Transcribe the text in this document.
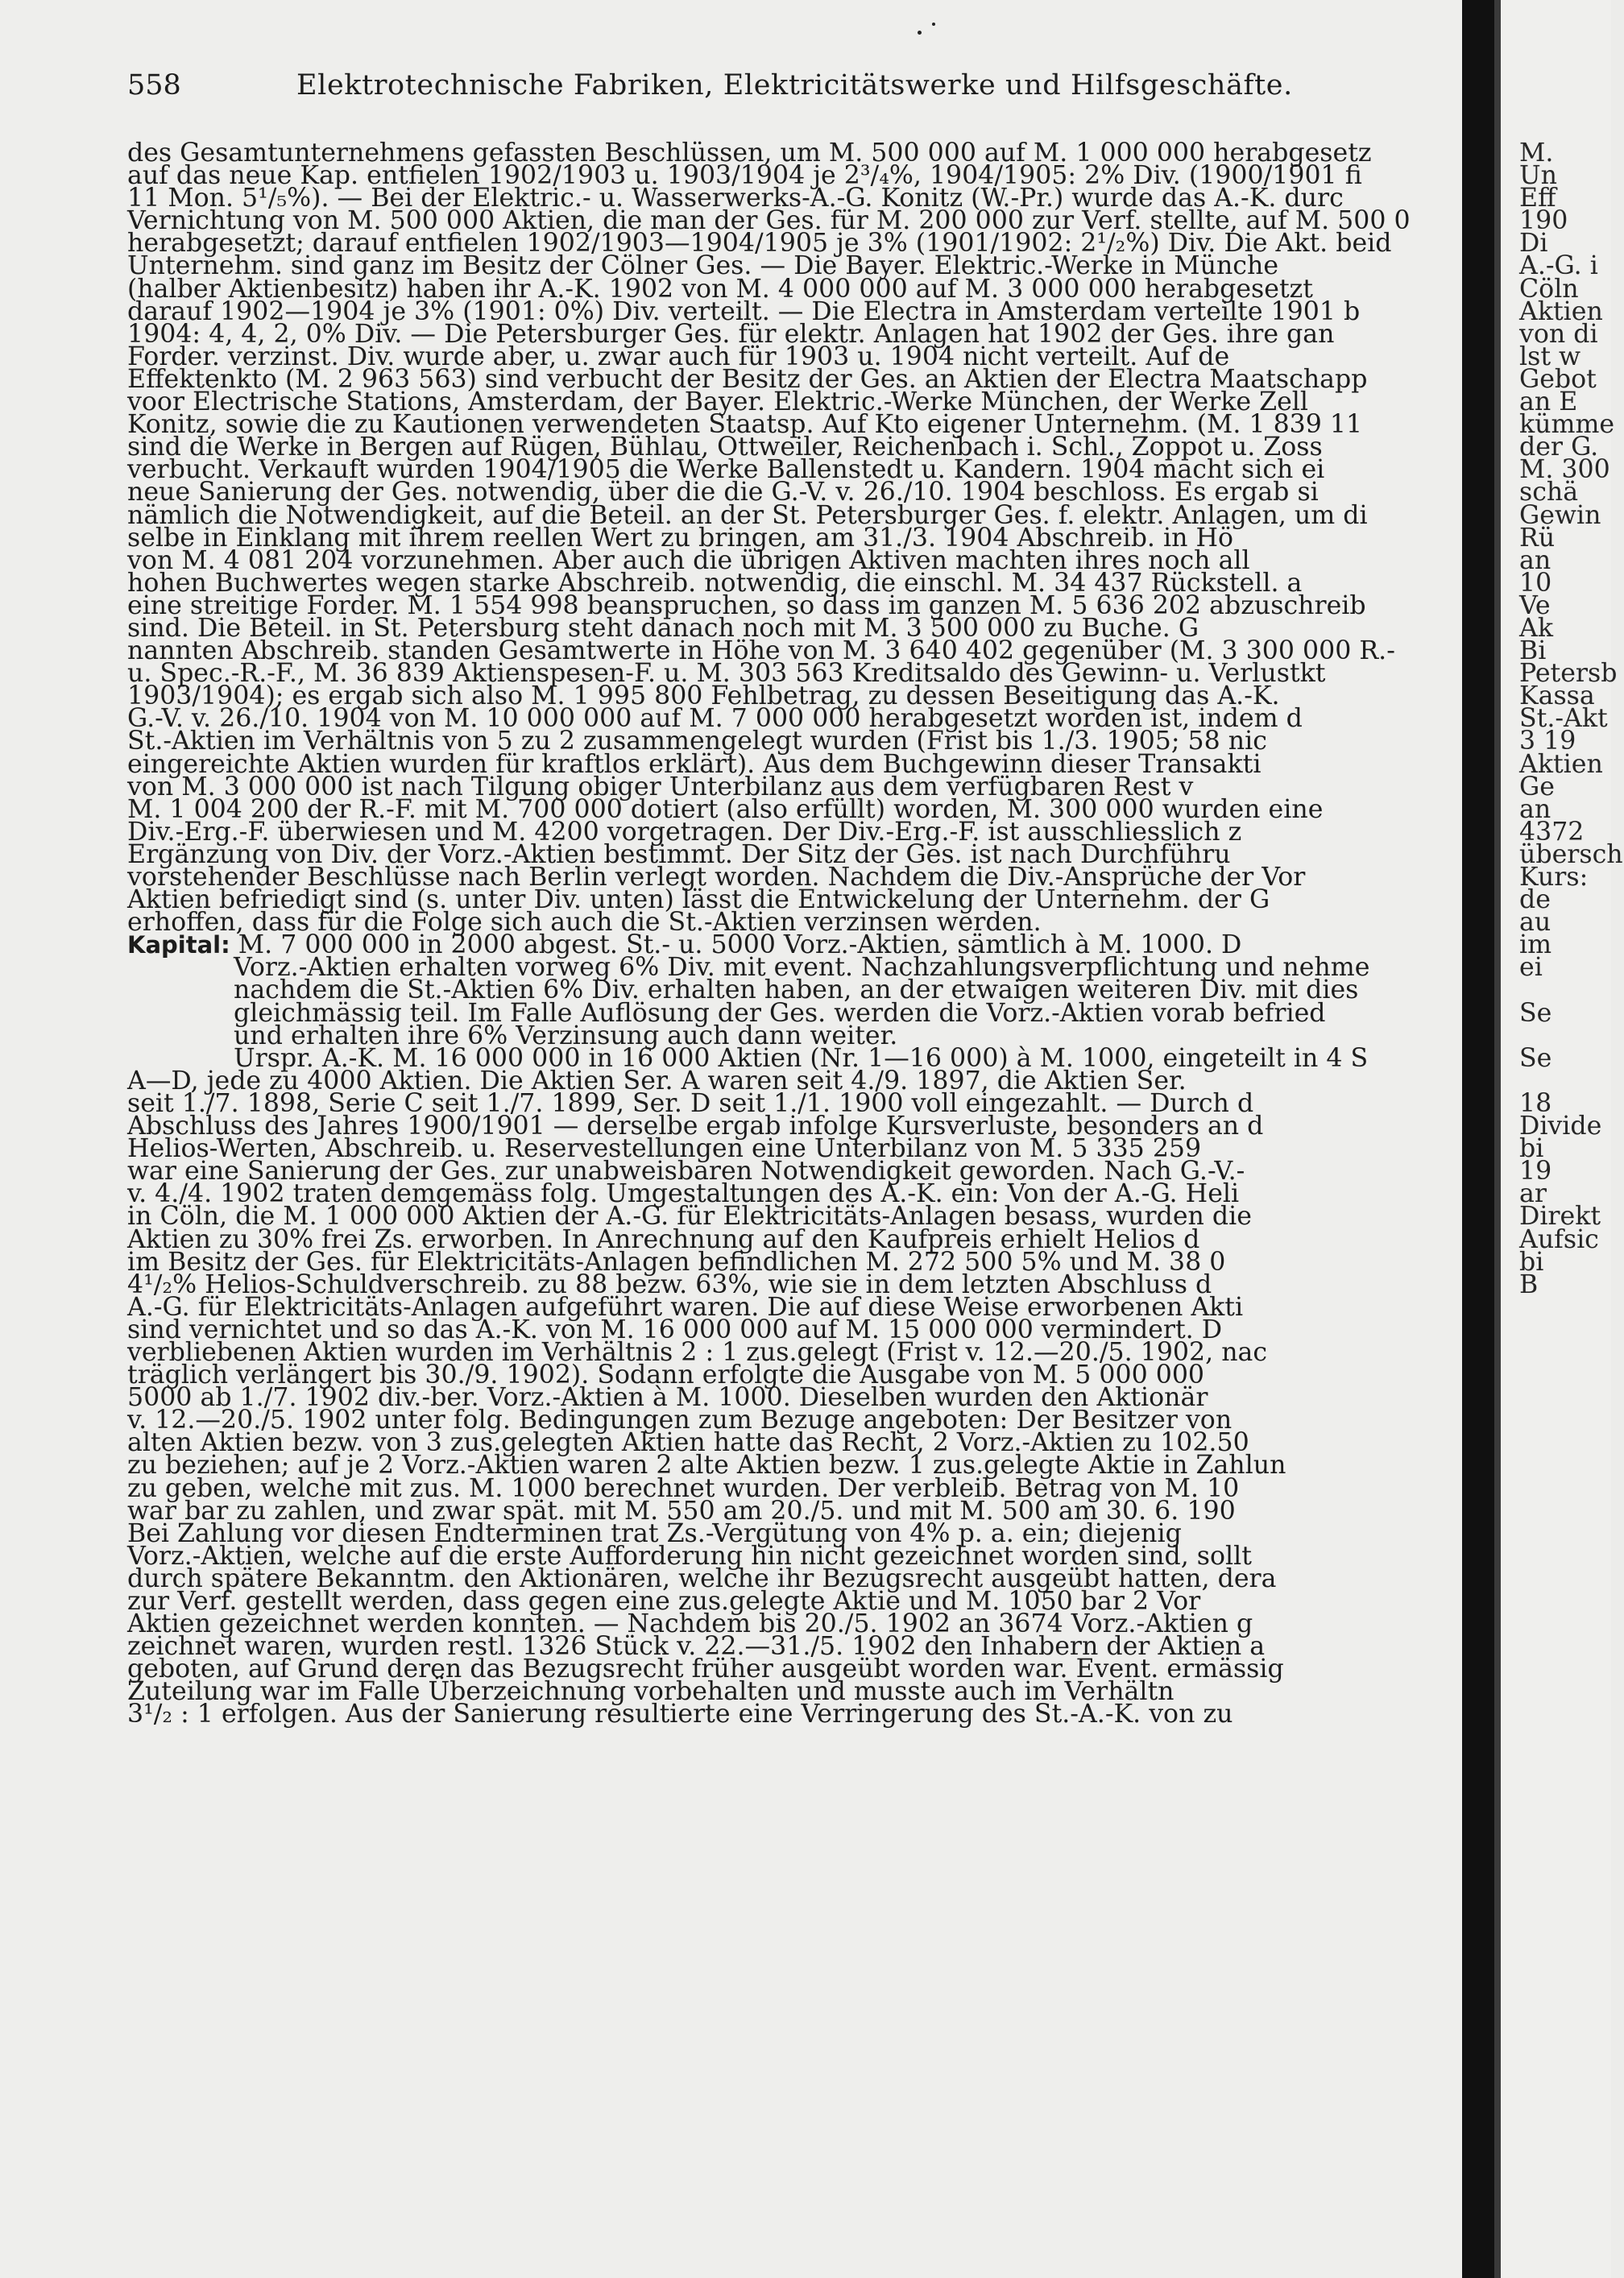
558	Elektrotechnische Fabriken, Elektricitätswerke und Hilfsgeschäfte.
des Gesamtunternehmens gefassten Beschlüssen, um M. 500 000 auf M. 1 000 000 herabgesetz
auf das neue Kap. entfielen 1902/1903 u. 1903/1904 je 2³/₄%, 1904/1905: 2% Div. (1900/1901 fi
11 Mon. 5¹/₅%). — Bei der Elektric.- u. Wasserwerks-A.-G. Konitz (W.-Pr.) wurde das A.-K. durc
Vernichtung von M. 500 000 Aktien, die man der Ges. für M. 200 000 zur Verf. stellte, auf M. 500 0
herabgesetzt; darauf entfielen 1902/1903—1904/1905 je 3% (1901/1902: 2¹/₂%) Div. Die Akt. beid
Unternehm. sind ganz im Besitz der Cölner Ges. — Die Bayer. Elektric.-Werke in Münche
(halber Aktienbesitz) haben ihr A.-K. 1902 von M. 4 000 000 auf M. 3 000 000 herabgesetzt
darauf 1902—1904 je 3% (1901: 0%) Div. verteilt. — Die Electra in Amsterdam verteilte 1901 b
1904: 4, 4, 2, 0% Div. — Die Petersburger Ges. für elektr. Anlagen hat 1902 der Ges. ihre gan
Forder. verzinst. Div. wurde aber, u. zwar auch für 1903 u. 1904 nicht verteilt. Auf de
Effektenkto (M. 2 963 563) sind verbucht der Besitz der Ges. an Aktien der Electra Maatschapp
voor Electrische Stations, Amsterdam, der Bayer. Elektric.-Werke München, der Werke Zell
Konitz, sowie die zu Kautionen verwendeten Staatsp. Auf Kto eigener Unternehm. (M. 1 839 11
sind die Werke in Bergen auf Rügen, Bühlau, Ottweiler, Reichenbach i. Schl., Zoppot u. Zoss
verbucht. Verkauft wurden 1904/1905 die Werke Ballenstedt u. Kandern. 1904 macht sich ei
neue Sanierung der Ges. notwendig, über die die G.-V. v. 26./10. 1904 beschloss. Es ergab si
nämlich die Notwendigkeit, auf die Beteil. an der St. Petersburger Ges. f. elektr. Anlagen, um di
selbe in Einklang mit ihrem reellen Wert zu bringen, am 31./3. 1904 Abschreib. in Hö
von M. 4 081 204 vorzunehmen. Aber auch die übrigen Aktiven machten ihres noch all
hohen Buchwertes wegen starke Abschreib. notwendig, die einschl. M. 34 437 Rückstell. a
eine streitige Forder. M. 1 554 998 beanspruchen, so dass im ganzen M. 5 636 202 abzuschreib
sind. Die Beteil. in St. Petersburg steht danach noch mit M. 3 500 000 zu Buche. G
nannten Abschreib. standen Gesamtwerte in Höhe von M. 3 640 402 gegenüber (M. 3 300 000 R.-
u. Spec.-R.-F., M. 36 839 Aktienspesen-F. u. M. 303 563 Kreditsaldo des Gewinn- u. Verlustkt
1903/1904); es ergab sich also M. 1 995 800 Fehlbetrag, zu dessen Beseitigung das A.-K.
G.-V. v. 26./10. 1904 von M. 10 000 000 auf M. 7 000 000 herabgesetzt worden ist, indem d
St.-Aktien im Verhältnis von 5 zu 2 zusammengelegt wurden (Frist bis 1./3. 1905; 58 nic
eingereichte Aktien wurden für kraftlos erklärt). Aus dem Buchgewinn dieser Transakti
von M. 3 000 000 ist nach Tilgung obiger Unterbilanz aus dem verfügbaren Rest v
M. 1 004 200 der R.-F. mit M. 700 000 dotiert (also erfüllt) worden, M. 300 000 wurden eine
Div.-Erg.-F. überwiesen und M. 4200 vorgetragen. Der Div.-Erg.-F. ist ausschliesslich z
Ergänzung von Div. der Vorz.-Aktien bestimmt. Der Sitz der Ges. ist nach Durchführu
vorstehender Beschlüsse nach Berlin verlegt worden. Nachdem die Div.-Ansprüche der Vor
Aktien befriedigt sind (s. unter Div. unten) lässt die Entwickelung der Unternehm. der G
erhoffen, dass für die Folge sich auch die St.-Aktien verzinsen werden.
Kapital: M. 7 000 000 in 2000 abgest. St.- u. 5000 Vorz.-Aktien, sämtlich à M. 1000. D
Vorz.-Aktien erhalten vorweg 6% Div. mit event. Nachzahlungsverpflichtung und nehme
nachdem die St.-Aktien 6% Div. erhalten haben, an der etwaigen weiteren Div. mit dies
gleichmässig teil. Im Falle Auflösung der Ges. werden die Vorz.-Aktien vorab befried
und erhalten ihre 6% Verzinsung auch dann weiter.
Urspr. A.-K. M. 16 000 000 in 16 000 Aktien (Nr. 1—16 000) à M. 1000, eingeteilt in 4 S
A—D, jede zu 4000 Aktien. Die Aktien Ser. A waren seit 4./9. 1897, die Aktien Ser.
seit 1./7. 1898, Serie C seit 1./7. 1899, Ser. D seit 1./1. 1900 voll eingezahlt. — Durch d
Abschluss des Jahres 1900/1901 — derselbe ergab infolge Kursverluste, besonders an d
Helios-Werten, Abschreib. u. Reservestellungen eine Unterbilanz von M. 5 335 259
war eine Sanierung der Ges. zur unabweisbaren Notwendigkeit geworden. Nach G.-V.-
v. 4./4. 1902 traten demgemäss folg. Umgestaltungen des A.-K. ein: Von der A.-G. Heli
in Cöln, die M. 1 000 000 Aktien der A.-G. für Elektricitäts-Anlagen besass, wurden die
Aktien zu 30% frei Zs. erworben. In Anrechnung auf den Kaufpreis erhielt Helios d
im Besitz der Ges. für Elektricitäts-Anlagen befindlichen M. 272 500 5% und M. 38 0
4¹/₂% Helios-Schuldverschreib. zu 88 bezw. 63%, wie sie in dem letzten Abschluss d
A.-G. für Elektricitäts-Anlagen aufgeführt waren. Die auf diese Weise erworbenen Akti
sind vernichtet und so das A.-K. von M. 16 000 000 auf M. 15 000 000 vermindert. D
verbliebenen Aktien wurden im Verhältnis 2 : 1 zus.gelegt (Frist v. 12.—20./5. 1902, nac
träglich verlängert bis 30./9. 1902). Sodann erfolgte die Ausgabe von M. 5 000 000
5000 ab 1./7. 1902 div.-ber. Vorz.-Aktien à M. 1000. Dieselben wurden den Aktionär
v. 12.—20./5. 1902 unter folg. Bedingungen zum Bezuge angeboten: Der Besitzer von
alten Aktien bezw. von 3 zus.gelegten Aktien hatte das Recht, 2 Vorz.-Aktien zu 102.50
zu beziehen; auf je 2 Vorz.-Aktien waren 2 alte Aktien bezw. 1 zus.gelegte Aktie in Zahlun
zu geben, welche mit zus. M. 1000 berechnet wurden. Der verbleib. Betrag von M. 10
war bar zu zahlen, und zwar spät. mit M. 550 am 20./5. und mit M. 500 am 30. 6. 190
Bei Zahlung vor diesen Endterminen trat Zs.-Vergütung von 4% p. a. ein; diejenig
Vorz.-Aktien, welche auf die erste Aufforderung hin nicht gezeichnet worden sind, sollt
durch spätere Bekanntm. den Aktionären, welche ihr Bezugsrecht ausgeübt hatten, dera
zur Verf. gestellt werden, dass gegen eine zus.gelegte Aktie und M. 1050 bar 2 Vor
Aktien gezeichnet werden konnten. — Nachdem bis 20./5. 1902 an 3674 Vorz.-Aktien g
zeichnet waren, wurden restl. 1326 Stück v. 22.—31./5. 1902 den Inhabern der Aktien a
geboten, auf Grund deren das Bezugsrecht früher ausgeübt worden war. Event. ermässig
Zuteilung war im Falle Überzeichnung vorbehalten und musste auch im Verhältn
3¹/₂ : 1 erfolgen. Aus der Sanierung resultierte eine Verringerung des St.-A.-K. von zu
M.
Un
Eff
190
Di
A.-G. i
Cöln
Aktien
von di
lst w
Gebot
an E
kümme
der G.
M. 300
schä
Gewin
Rü
an
10
Ve
Ak
Bi
Petersb
Kassa
St.-Akt
3 19
Aktien
Ge
an
4372
übersch
Kurs:
de
au
im
ei
Se
Se
18
Divide
bi
19
ar
Direkt
Aufsic
bi
B
